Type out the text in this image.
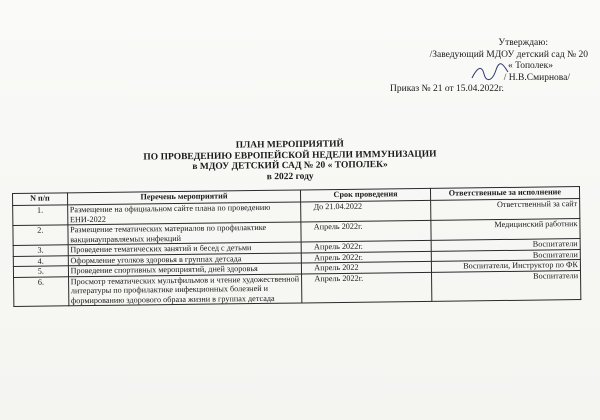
Утверждаю:
/Заведующий МДОУ детский сад № 20
« Тополек»
/ Н.В.Смирнова/
Приказ № 21 от 15.04.2022г.
ПЛАН МЕРОПРИЯТИЙ
ПО ПРОВЕДЕНИЮ ЕВРОПЕЙСКОЙ НЕДЕЛИ ИММУНИЗАЦИИ
в МДОУ ДЕТСКИЙ САД № 20 « ТОПОЛЕК»
в 2022 году
N п/п	Перечень мероприятий	Срок проведения	Ответственные за исполнение
1.	Размещение на официальном сайте плана по проведению ЕНИ-2022	До 21.04.2022	Ответственный за сайт
2.	Размещение тематических материалов по профилактике вакцинауправляемых инфекций	Апрель 2022г.	Медицинский работник
3.	Проведение тематических занятий и бесед с детьми	Апрель 2022г.	Воспитатели
4.	Оформление уголков здоровья в группах детсада	Апрель 2022г.	Воспитатели
5.	Проведение спортивных мероприятий, дней здоровья	Апрель 2022	Воспитатели, Инструктор по ФК
6.	Просмотр тематических мультфильмов и чтение художественной литературы по профилактике инфекционных болезней и формированию здорового образа жизни в группах детсада	Апрель 2022г.	Воспитатели
